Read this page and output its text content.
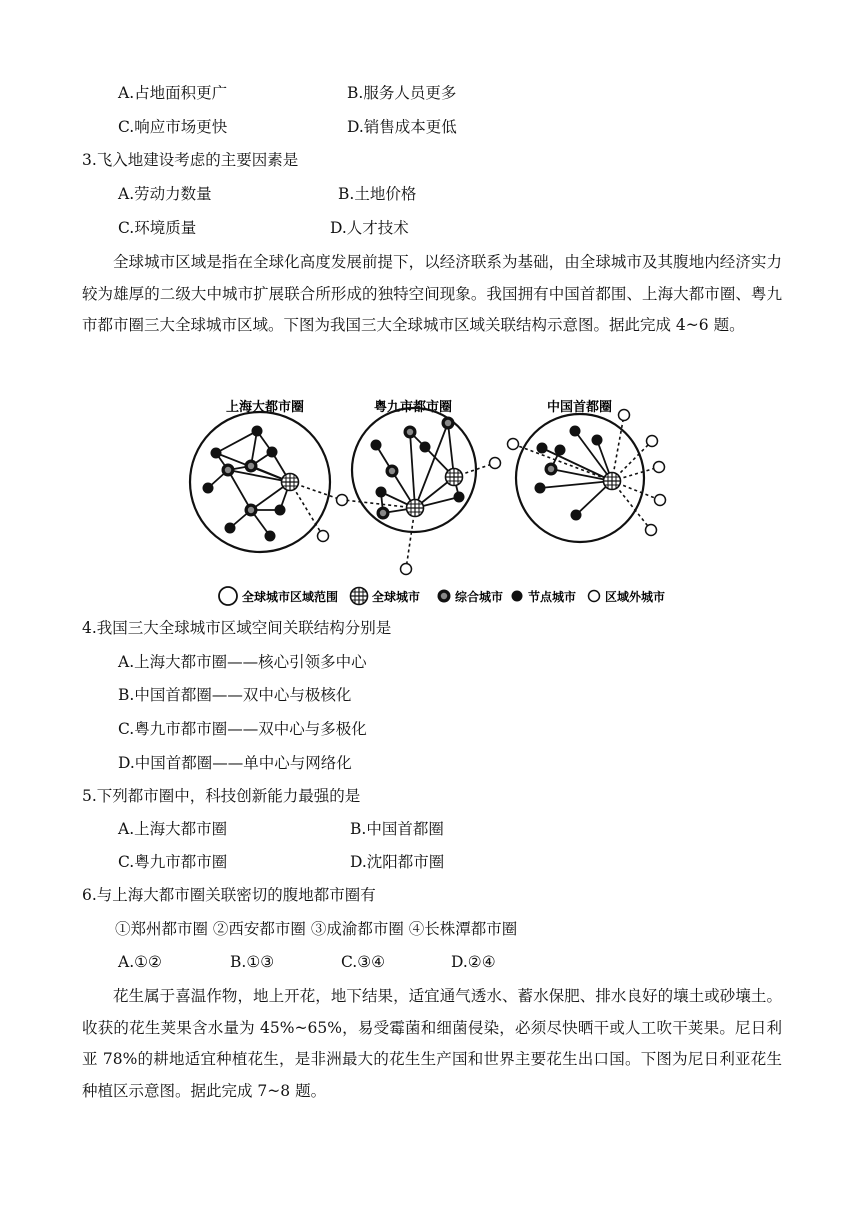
A.占地面积更广	B.服务人员更多
C.响应市场更快	D.销售成本更低
3.飞入地建设考虑的主要因素是
A.劳动力数量	B.土地价格
C.环境质量	D.人才技术
全球城市区域是指在全球化高度发展前提下，以经济联系为基础，由全球城市及其腹地内经济实力较为雄厚的二级大中城市扩展联合所形成的独特空间现象。我国拥有中国首都围、上海大都市圈、粤九市都市圈三大全球城市区域。下图为我国三大全球城市区域关联结构示意图。据此完成 4~6 题。
上海大都市圈	粤九市都市圈	中国首都圈
全球城市区域范围	全球城市	综合城市 节点城市 区域外城市
4.我国三大全球城市区域空间关联结构分别是
A.上海大都市圈——核心引领多中心
B.中国首都圈——双中心与极核化
C.粤九市都市圈——双中心与多极化
D.中国首都圈——单中心与网络化
5.下列都市圈中，科技创新能力最强的是
A.上海大都市圈	B.中国首都圈
C.粤九市都市圈	D.沈阳都市圈
6.与上海大都市圈关联密切的腹地都市圈有
①郑州都市圈 ②西安都市圈 ③成渝都市圈 ④长株潭都市圈
A.①②	B.①③	C.③④	D.②④
花生属于喜温作物，地上开花，地下结果，适宜通气透水、蓄水保肥、排水良好的壤土或砂壤土。收获的花生荚果含水量为 45%~65%，易受霉菌和细菌侵染，必须尽快晒干或人工吹干荚果。尼日利亚 78%的耕地适宜种植花生，是非洲最大的花生生产国和世界主要花生出口国。下图为尼日利亚花生种植区示意图。据此完成 7~8 题。
